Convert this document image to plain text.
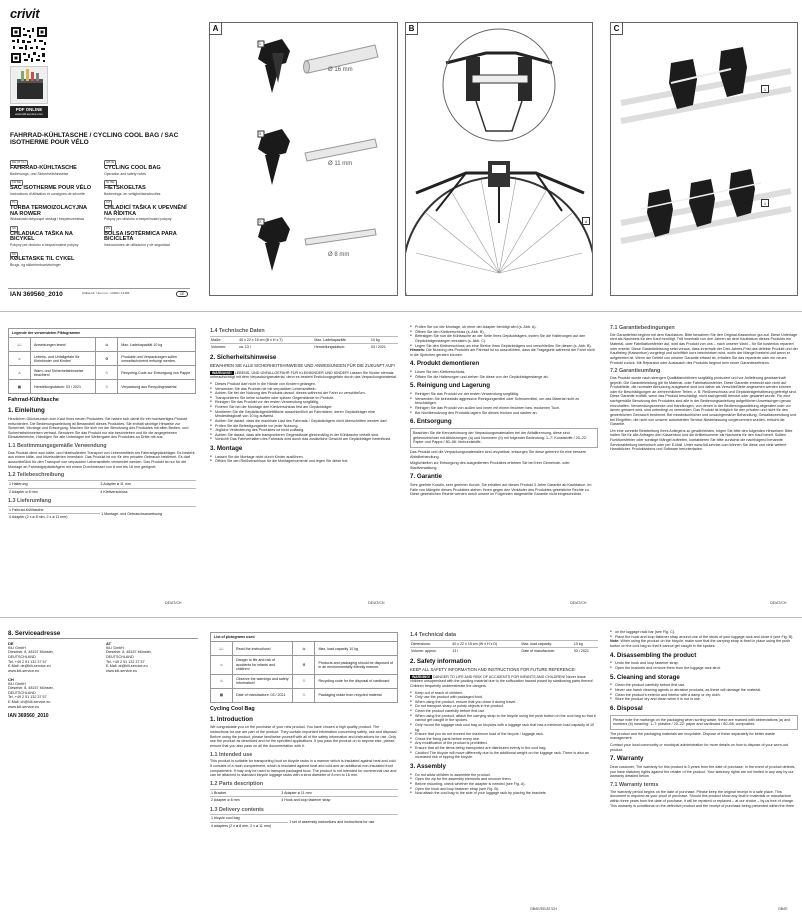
crivit
PDF ONLINE
www.lidl-service.com
FAHRRAD-KÜHLTASCHE / CYCLING COOL BAG / SAC ISOTHERME POUR VÉLO
DE AT CH
FAHRRAD-KÜHLTASCHE
Bedienungs- und Sicherheitshinweise
GB IE
CYCLING COOL BAG
Operation and safety notes
FR BE
SAC ISOTHERME POUR VÉLO
Instructions d'utilisation et consignes de sécurité
NL BE
FIETSKOELTAS
Bedienings- en veiligheidsinstructies
PL
TORBA TERMOIZOLACYJNA NA ROWER
Wskazówki dotyczące obsługi i bezpieczeństwa
CZ
CHLADICÍ TAŠKA K UPEVNĚNÍ NA ŘÍDITKA
Pokyny pro obsluhu a bezpečnostní pokyny
SK
CHLADIACA TAŠKA NA BICYKEL
Pokyny pre obsluhu a bezpečnostné pokyny
ES
BOLSA ISOTÉRMICA PARA BICICLETA
Instrucciones de utilización y de seguridad
DK
KØLETASKE TIL CYKEL
Brugs- og sikkerhedsanvisninger
IAN 369560_2010	Artikel-Nr. / Item no.: 14183 / 14184	CE
A
Ø 16 mm
Ø 11 mm
Ø 8 mm
1
3
2
B
4
C
1
1
Legende der verwendeten Piktogramme			
📖	Anweisungen lesen!	⚖	Max. Ladekapazität 10 kg
☺	Lebens- und Unfallgefahr für Kleinkinder und Kinder!	♻	Produkte und Verpackungen sollen umweltschonend entsorgt werden.
⚠	Warn- und Sicherheitshinweise beachten!	♲	Recycling-Code zur Entsorgung von Pappe
▦	Herstellungsdatum: 03 / 2021	♲	Verpackung aus Recyclingmaterial
Fahrrad-Kühltasche
1. Einleitung
Herzlichen Glückwunsch zum Kauf Ihres neuen Produktes. Sie haben sich damit für ein hochwertiges Produkt entschieden. Die Bedienungsanleitung ist Bestandteil dieses Produktes. Sie enthält wichtige Hinweise zur Sicherheit, Montage und Entsorgung. Machen Sie sich vor der Benutzung des Produktes mit allen Bedien- und Sicherheitshinweisen vertraut. Benutzen Sie das Produkt nur wie beschrieben und für die angegebenen Einsatzbereiche. Händigen Sie alle Unterlagen bei Weitergabe des Produktes an Dritte mit aus.
1.1 Bestimmungsgemäße Verwendung
Das Produkt dient zum kälte- und hitzeisolierten Transport von Lebensmitteln am Fahrradgepäckträger. Es besteht aus einem kälte- und hitzeisolierten Innenfach. Das Produkt ist nur für den privaten Gebrauch bestimmt. Es darf ausschließlich für den Transport von verpackten Lebensmitteln verwendet werden. Das Produkt ist nur für die Montage an Fahrradgepäckträgern mit einem Durchmesser von 8 mm bis 16 mm geeignet.
1.2 Teilebeschreibung
1 Halterung	3 Adapter ø 11 mm
2 Adapter ø 8 mm	4 Klettverschluss
1.3 Lieferumfang
1 Fahrrad-Kühltasche	1 Montage- und Gebrauchsanweisung
4 Adapter (2 x ø 8 mm, 2 x ø 11 mm)
DE/AT/CH
1.4 Technische Daten
Maße:	40 x 22 x 15 cm (B x H x T)	Max. Ladekapazität:	10 kg
Volumen:	ca. 13 l	Herstellungsdatum:	03 / 2021
2. Sicherheitshinweise
BEWAHREN SIE ALLE SICHERHEITSHINWEISE UND ANWEISUNGEN FÜR DIE ZUKUNFT AUF!
WARNUNG! LEBENS- UND UNFALLGEFAHR FÜR KLEINKINDER UND KINDER! Lassen Sie Kinder niemals unbeaufsichtigt mit dem Verpackungsmaterial, denn es besteht Erstickungsgefahr durch das Verpackungsmaterial.
● Dieses Produkt darf nicht in die Hände von Kindern gelangen.
● Verwenden Sie das Produkt nie mit verpackten Lebensmitteln.
● Achten Sie bei der Nutzung des Produkts darauf, dieses während der Fahrt zu verschließen.
● Transportieren Sie keine scharfen oder spitzen Gegenstände im Produkt.
● Reinigen Sie das Produkt vor der ersten Verwendung sorgfältig.
● Fixieren Sie bei der Montage den Klettverschluss fest am Gepäckträger.
● Montieren Sie die Gepäckträgerklettfläche ausschließlich an Fahrrädern, deren Gepäckträger eine Mindesttragkraft von 10 kg aufweist.
● Achten Sie darauf, dass die maximale Last des Fahrrads / Gepäckträgers nicht überschritten werden darf.
● Prüfen Sie die Befestigungsteile vor jeder Nutzung.
● Jegliche Veränderung des Produktes ist nicht zulässig.
● Achten Sie darauf, dass alle transportieren Gegenstände gleichmäßig in der Kühltasche verteilt sind.
● Vorsicht! Das Fahrverhalten des Fahrrads wird durch das zusätzliche Gewicht am Gepäckträger beeinflusst.
3. Montage
● Lassen Sie die Montage nicht durch Kinder ausführen.
● Öffnen Sie den Reißverschluss für die Montagemomente und legen Sie diese frei.
DE/AT/CH
● Prüfen Sie vor der Montage, ob einer der Adapter benötigt wird (s. Abb. A).
● Öffnen Sie den Klettverschluss (s. Abb. B).
● Befestigen Sie nun die Kühltasche an der Seite Ihres Gepäckträgers, indem Sie die Halterungen auf den Gepäckträgerstangen einrasten (s. Abb. C).
● Legen Sie den Klettverschluss um eine Strebe Ihres Gepäckträgers und verschließen Sie diesen (s. Abb. B).
Hinweis: Die Nutzung des Produkts am Fahrrad ist so auszuführen, dass die Tragegurte während der Fahrt nicht in die Speichen geraten können.
4. Produkt demontieren
● Lösen Sie den Klettverschluss.
● Öffnen Sie die Halterungen und ziehen Sie diese von der Gepäckträgerstange ab.
5. Reinigung und Lagerung
● Reinigen Sie das Produkt vor der ersten Verwendung sorgfältig.
● Verwenden Sie keinesfalls aggressive Reinigungsmittel oder Scheuermittel, um das Material nicht zu beschädigen.
● Reinigen Sie das Produkt von außen und innen mit einem feuchten bzw. trockenen Tuch.
● Bei Nichtbenutzung des Produkts lagern Sie dieses trocken und sauber an.
6. Entsorgung
Beachten Sie die Kennzeichnung der Verpackungsmaterialien bei der Abfalltrennung, diese sind gekennzeichnet mit Abkürzungen (a) und Nummern (b) mit folgender Bedeutung: 1–7: Kunststoffe / 20–22: Papier und Pappe / 80–98: Verbundstoffe.
Das Produkt und die Verpackungsmaterialien sind recycelbar, entsorgen Sie diese getrennt für eine bessere Abfallbehandlung.
Möglichkeiten zur Entsorgung des ausgedienten Produktes erfahren Sie bei Ihrer Gemeinde- oder Stadtverwaltung.
7. Garantie
Sehr geehrte Kundin, sehr geehrter Kunde, Sie erhalten auf dieses Produkt 3 Jahre Garantie ab Kaufdatum. Im Falle von Mängeln dieses Produktes stehen Ihnen gegen den Verkäufer des Produktes gesetzliche Rechte zu. Diese gesetzlichen Rechte werden durch unsere im Folgenden dargestellte Garantie nicht eingeschränkt.
DE/AT/CH
7.1 Garantiebedingungen
Die Garantiefrist beginnt mit dem Kaufdatum. Bitte bewahren Sie den Original-Kassenbon gut auf. Diese Unterlage wird als Nachweis für den Kauf benötigt. Tritt innerhalb von drei Jahren ab dem Kaufdatum dieses Produkts ein Material- oder Fabrikationsfehler auf, wird das Produkt von uns – nach unserer Wahl – für Sie kostenlos repariert oder ersetzt. Diese Garantieleistung setzt voraus, dass innerhalb der Drei-Jahres-Frist das defekte Produkt und der Kaufbeleg (Kassenbon) vorgelegt und schriftlich kurz beschrieben wird, worin der Mangel besteht und wann er aufgetreten ist. Wenn der Defekt von unserer Garantie erfasst ist, erhalten Sie das reparierte oder ein neues Produkt zurück. Mit Reparatur oder Austausch des Produkts beginnt kein neuer Garantiezeitraum.
7.2 Garantieumfang
Das Produkt wurde nach strengen Qualitätsrichtlinien sorgfältig produziert und vor Anlieferung gewissenhaft geprüft. Die Garantieleistung gilt für Material- oder Fabrikationsfehler. Diese Garantie erstreckt sich nicht auf Produktteile, die normaler Abnutzung ausgesetzt sind und daher als Verschleißteile angesehen werden können oder für Beschädigungen an zerbrechlichen Teilen, z. B. Reißverschluss und Gepäckträgerhalterung gefertigt sind. Diese Garantie entfällt, wenn das Produkt beschädigt, nicht sachgemäß benutzt oder gewartet wurde. Für eine sachgemäße Benutzung des Produktes sind alle in der Bedienungsanleitung aufgeführten Anweisungen genau einzuhalten. Verwendungszwecke und Handlungen, von denen in der Bedienungsanleitung abgeraten oder vor denen gewarnt wird, sind unbedingt zu vermeiden. Das Produkt ist lediglich für den privaten und nicht für den gewerblichen Gebrauch bestimmt. Bei missbräuchlicher und unsachgemäßer Behandlung, Gewaltanwendung und bei Eingriffen, die nicht von unserer autorisierten Service-Niederlassung vorgenommen wurden, erlischt die Garantie.
Um eine schnelle Bearbeitung Ihres Anliegens zu gewährleisten, folgen Sie bitte den folgenden Hinweisen: Bitte halten Sie für alle Anfragen den Kassenbon und die Artikelnummer als Nachweis für den Kauf bereit. Sollten Funktionsfehler oder sonstige Mängel auftreten, kontaktieren Sie bitte zunächst die nachfolgend benannte Serviceabteilung telefonisch oder per E-Mail. Unter www.lidl-service.com können Sie diese und viele weitere Handbücher, Produktvideos und Software herunterladen.
DE/AT/CH
8. Serviceadresse
DE
KiLi GmbH
Dieselstr. 8, 48157 Münster,
DEUTSCHLAND
Tel. +49 2 51 132 37 57
E-Mail: de@kili-service.eu
www.kili-service.eu
AT
KiLi GmbH
Dieselstr. 8, 48157 Münster,
DEUTSCHLAND
Tel. +49 2 51 132 37 57
E-Mail: at@kili-service.eu
www.kili-service.eu
CH
KiLi GmbH
Dieselstr. 8, 48157 Münster,
DEUTSCHLAND
Tel. +49 2 51 132 37 57
E-Mail: ch@kili-service.eu
www.kili-service.eu
IAN 369560_2010
List of pictograms used			
📖	Read the instructions!	⚖	Max. load capacity 10 kg
☺	Danger to life and risk of accidents for infants and children!	♻	Products and packaging should be disposed of in an environmentally-friendly manner.
⚠	Observe the warnings and safety information!	♲	Recycling code for the disposal of cardboard
▦	Date of manufacture: 03 / 2021	♲	Packaging made from recycled material
Cycling Cool Bag
1. Introduction
We congratulate you on the purchase of your new product. You have chosen a high quality product. The instructions for use are part of the product. They contain important information concerning safety, use and disposal. Before using the product, please familiarise yourself with all of the safety information and instructions for use. Only use the product as described and for the specified applications. If you pass the product on to anyone else, please ensure that you also pass on all the documentation with it.
1.1 Intended use
This product is suitable for transporting food on bicycle racks in a manner which is insulated against heat and cold. It consists of a main compartment, which is insulated against heat and cold and an additional non-insulated front compartment. It may only be used to transport packaged food. The product is not intended for commercial use and can be attached to standard bicycle luggage racks with a strut diameter of 8 mm to 16 mm.
1.2 Parts description
1 Bracket	3 Adapter ø 11 mm
2 Adapter ø 8 mm	4 Hook and loop fastener strap
1.3 Delivery contents
1 bicycle cool bag	1 set of assembly instructions and instructions for use
4 adapters (2 x ø 8 mm, 2 x ø 11 mm)
1.4 Technical data
Dimensions:	40 x 22 x 15 cm (W x H x D)	Max. load capacity:	10 kg
Volume: approx.	13 l	Date of manufacture:	03 / 2021
2. Safety information
KEEP ALL SAFETY INFORMATION AND INSTRUCTIONS FOR FUTURE REFERENCE!
WARNING! DANGER TO LIFE AND RISK OF ACCIDENTS FOR INFANTS AND CHILDREN! Never leave children unsupervised with the packing material due to the suffocation hazard posed by swallowing parts thereof. Children frequently underestimate the dangers.
● Keep out of reach of children.
● Only use the product with packaged food.
● When using the product, ensure that you close it during travel.
● Do not transport sharp or pointy objects in the product.
● Clean the product carefully before first use.
● When using the product, attach the carrying strap to the bicycle using the push button on the cool bag so that it cannot get caught in the spokes.
● Only mount the luggage rack cool bag on bicycles with a luggage rack that has a minimum load capacity of 10 kg.
● Ensure that you do not exceed the maximum load of the bicycle / luggage rack.
● Check the fixing parts before every use.
● Any modification of the product is prohibited.
● Ensure that all the items being transported are distributed evenly in the cool bag.
● Caution! The bicycle will move differently due to the additional weight on the luggage rack. There is also an increased risk of tipping the bicycle.
3. Assembly
● Do not allow children to assemble the product.
● Open the zip for the assembly elements and uncover them.
● Before mounting, check whether the adapter is needed (see Fig. A).
● Open the hook and loop fastener strap (see Fig. B).
● Now attach the cool bag to the side of your luggage rack by placing the brackets
GB/IE/EE/AT/CH
● on the luggage rack bar (see Fig. C).
● Place the hook and loop fastener strap around one of the struts of your luggage rack and close it (see Fig. B).
Note: When using the product on the bicycle, make sure that the carrying strap is fixed in place using the push button on the cool bag so that it cannot get caught in the spokes.
4. Disassembling the product
● Undo the hook and loop fastener strap.
● Open the brackets and remove them from the luggage rack strut.
5. Cleaning and storage
● Clean the product carefully before first use.
● Never use harsh cleaning agents or abrasive products, as these will damage the material.
● Clean the product's exterior and interior with a damp or dry cloth.
● Store the product dry and clean when it is not in use.
6. Disposal
Please note the markings on the packaging when sorting waste, these are marked with abbreviations (a) and numbers (b) meaning: 1–7: plastics / 20–22: paper and cardboard / 80–98: composites.
The product and the packaging materials are recyclable. Dispose of these separately for better waste management.
Contact your local community or municipal administration for more details on how to dispose of your worn-out product.
7. Warranty
Dear customer, The warranty for this product is 3 years from the date of purchase. In the event of product defects, you have statutory rights against the retailer of the product. Your statutory rights are not limited in any way by our warranty detailed below.
7.1 Warranty terms
The warranty period begins on the date of purchase. Please keep the original receipt in a safe place. This document is required as your proof of purchase. Should this product show any fault in materials or manufacture within three years from the date of purchase, it will be repaired or replaced – at our choice – by us free of charge. This warranty is conditional on the defective product and the receipt of purchase being presented within the three
GB/IE
